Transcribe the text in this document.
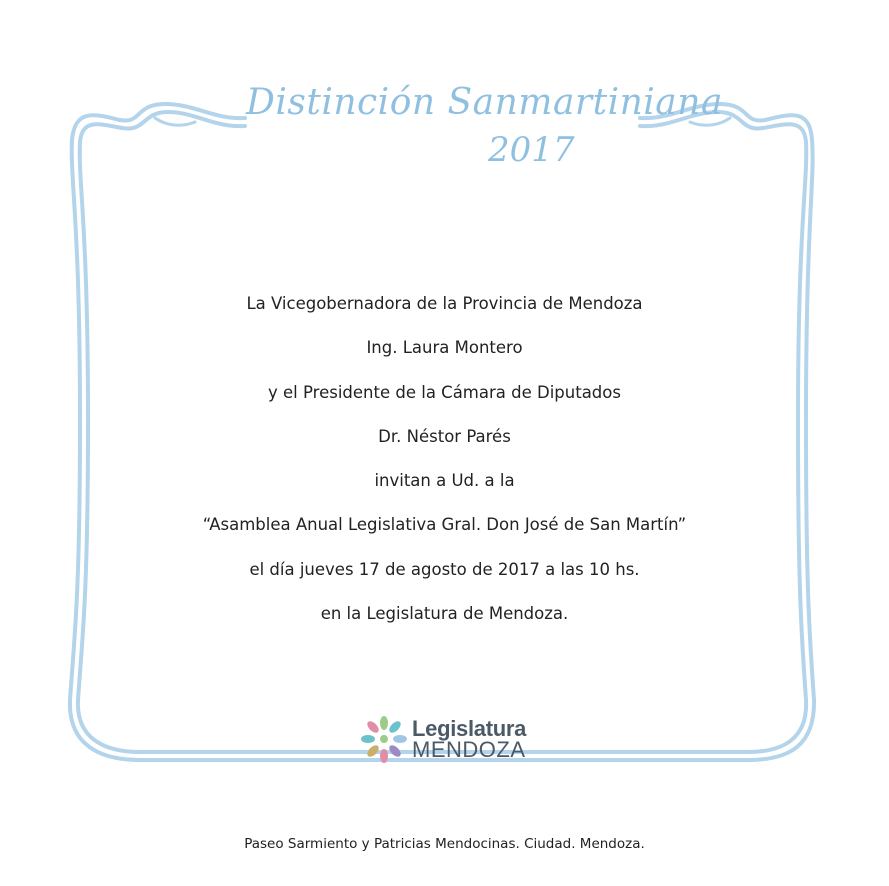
Distinción Sanmartiniana
2017
La Vicegobernadora de la Provincia de Mendoza
Ing. Laura Montero
y el Presidente de la Cámara de Diputados
Dr. Néstor Parés
invitan a Ud. a la
“Asamblea Anual Legislativa Gral. Don José de San Martín”
el día jueves 17 de agosto de 2017 a las 10 hs.
en la Legislatura de Mendoza.
Legislatura
MENDOZA
Paseo Sarmiento y Patricias Mendocinas. Ciudad. Mendoza.
